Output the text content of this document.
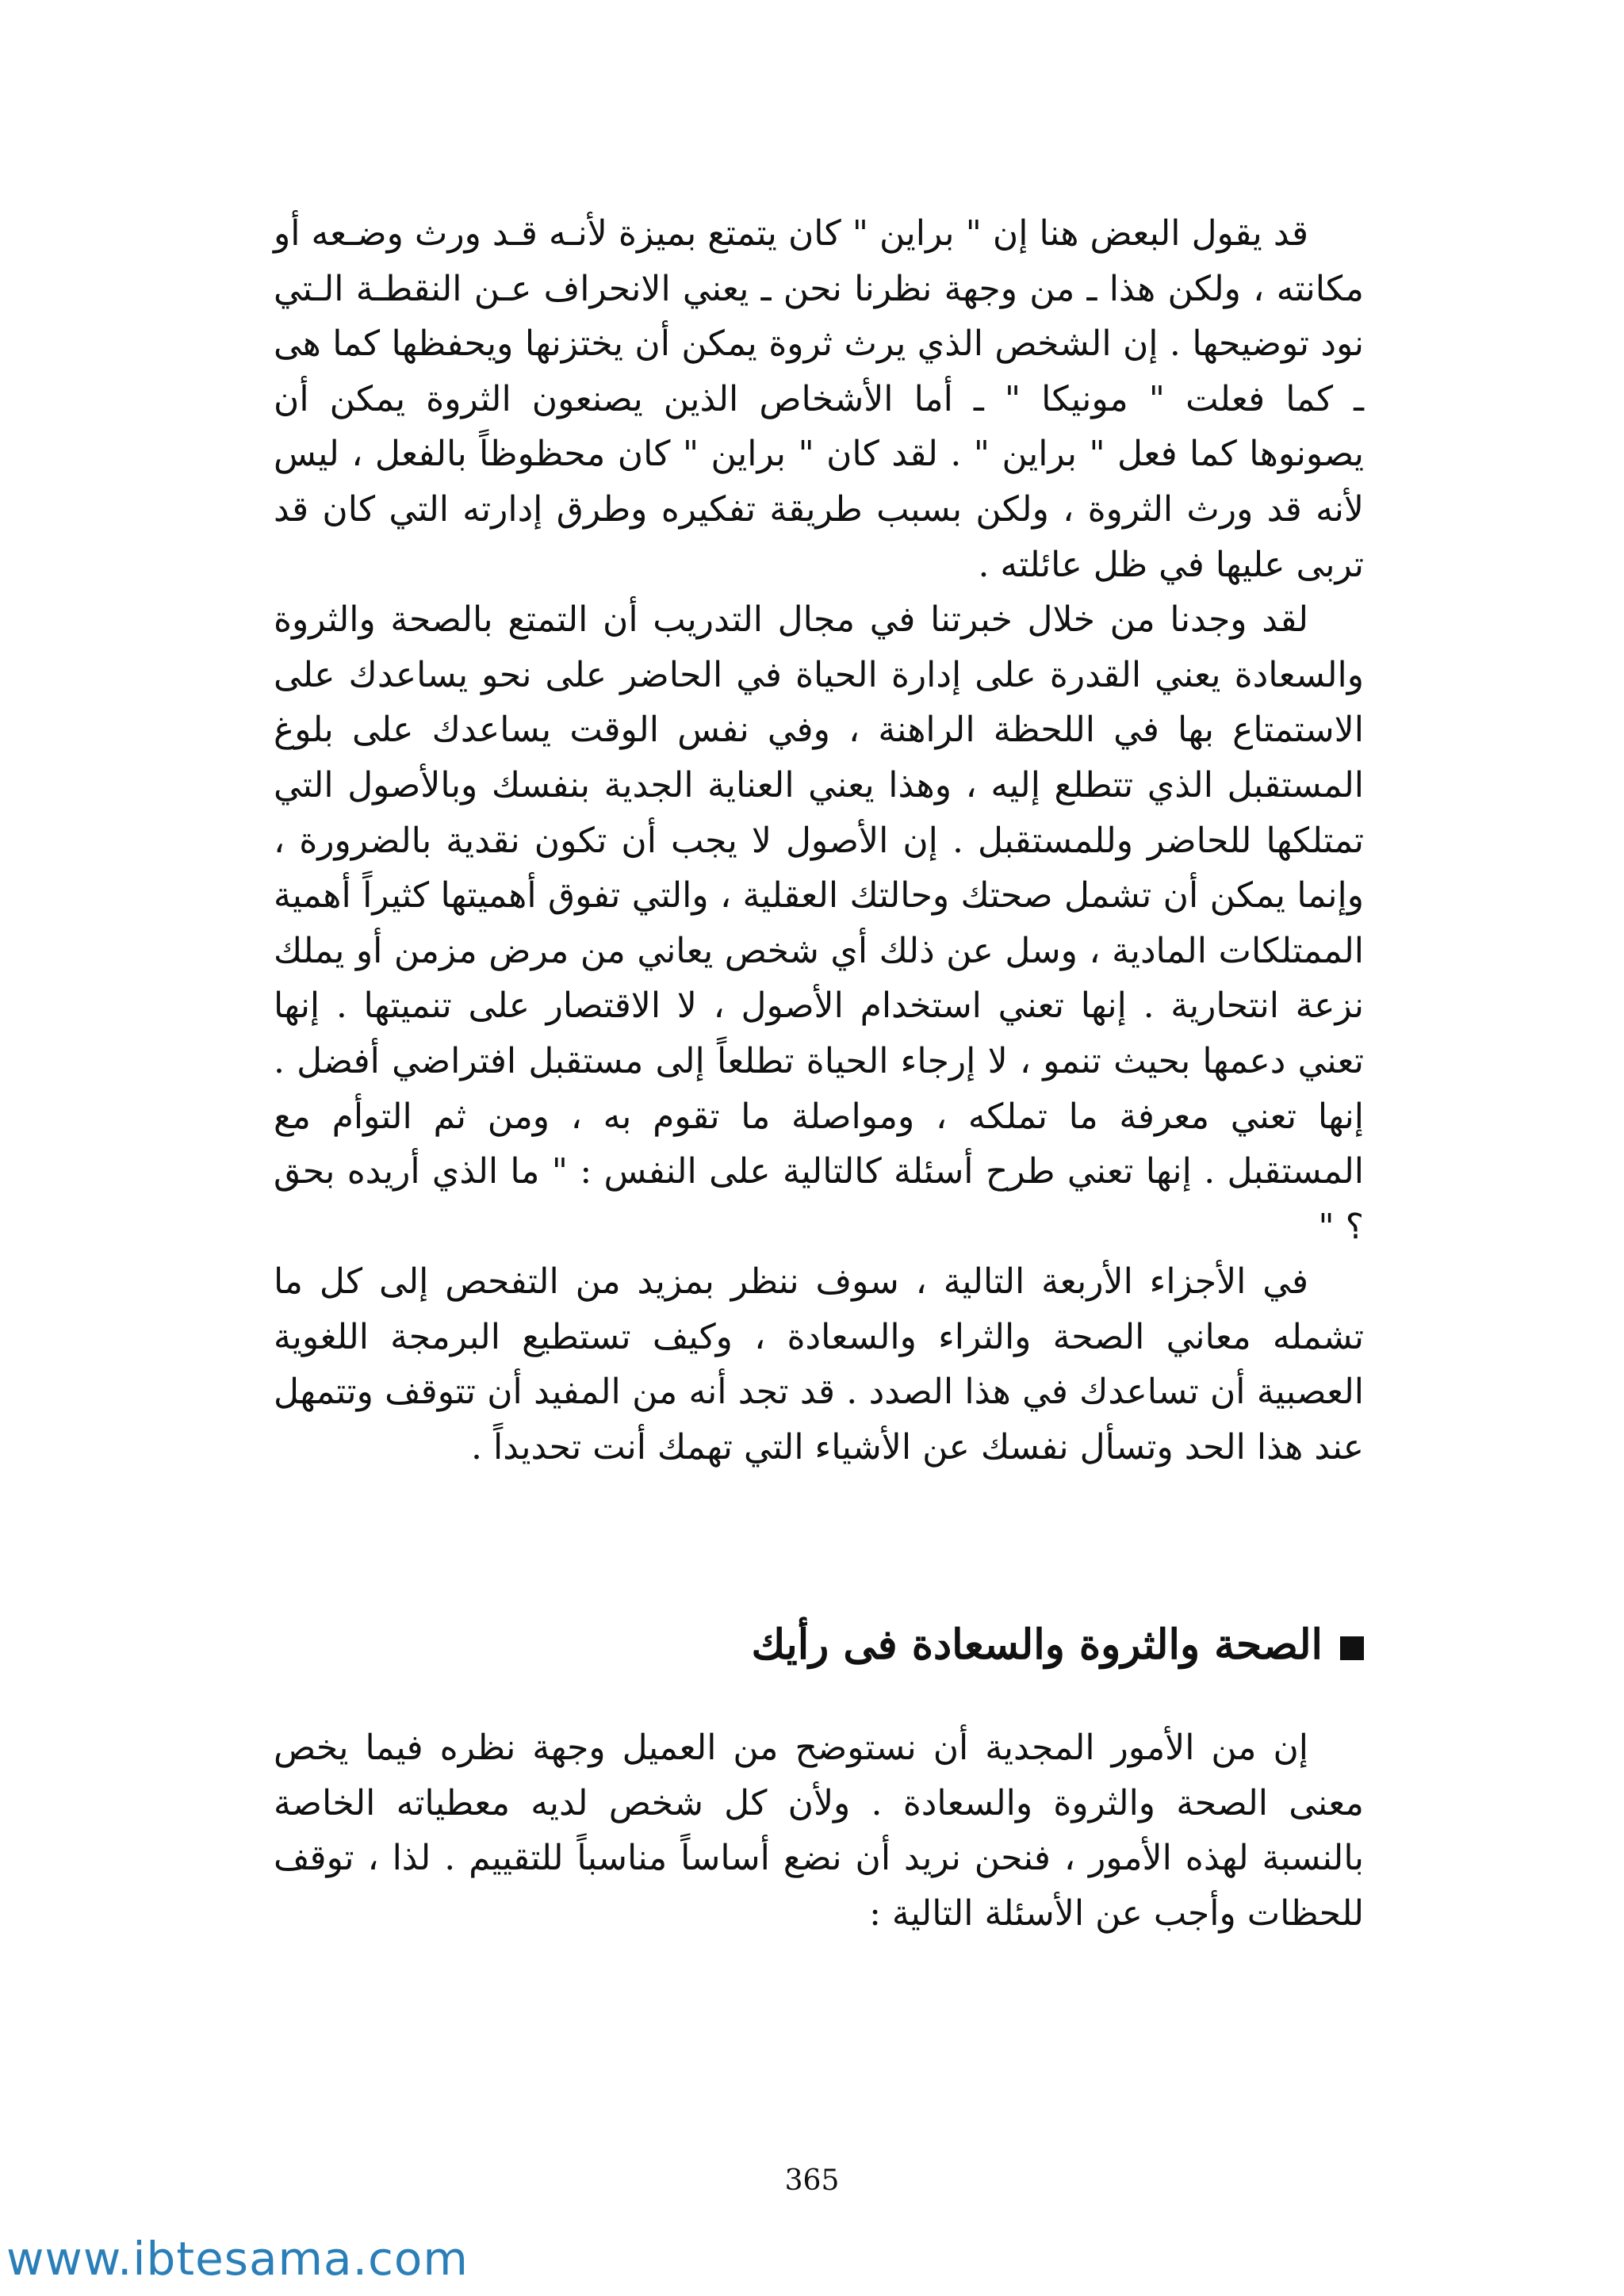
قد يقول البعض هنا إن " براين " كان يتمتع بميزة لأنـه قـد ورث وضـعه أو مكانته ، ولكن هذا ـ من وجهة نظرنا نحن ـ يعني الانحراف عـن النقطـة الـتي نود توضيحها . إن الشخص الذي يرث ثروة يمكن أن يختزنها ويحفظها كما هى ـ كما فعلت " مونيكا " ـ أما الأشخاص الذين يصنعون الثروة يمكن أن يصونوها كما فعل " براين " . لقد كان " براين " كان محظوظاً بالفعل ، ليس لأنه قد ورث الثروة ، ولكن بسبب طريقة تفكيره وطرق إدارته التي كان قد تربى عليها في ظل عائلته .

لقد وجدنا من خلال خبرتنا في مجال التدريب أن التمتع بالصحة والثروة والسعادة يعني القدرة على إدارة الحياة في الحاضر على نحو يساعدك على الاستمتاع بها في اللحظة الراهنة ، وفي نفس الوقت يساعدك على بلوغ المستقبل الذي تتطلع إليه ، وهذا يعني العناية الجدية بنفسك وبالأصول التي تمتلكها للحاضر وللمستقبل . إن الأصول لا يجب أن تكون نقدية بالضرورة ، وإنما يمكن أن تشمل صحتك وحالتك العقلية ، والتي تفوق أهميتها كثيراً أهمية الممتلكات المادية ، وسل عن ذلك أي شخص يعاني من مرض مزمن أو يملك نزعة انتحارية . إنها تعني استخدام الأصول ، لا الاقتصار على تنميتها . إنها تعني دعمها بحيث تنمو ، لا إرجاء الحياة تطلعاً إلى مستقبل افتراضي أفضل . إنها تعني معرفة ما تملكه ، ومواصلة ما تقوم به ، ومن ثم التوأم مع المستقبل . إنها تعني طرح أسئلة كالتالية على النفس : " ما الذي أريده بحق ؟ "

في الأجزاء الأربعة التالية ، سوف ننظر بمزيد من التفحص إلى كل ما تشمله معاني الصحة والثراء والسعادة ، وكيف تستطيع البرمجة اللغوية العصبية أن تساعدك في هذا الصدد . قد تجد أنه من المفيد أن تتوقف وتتمهل عند هذا الحد وتسأل نفسك عن الأشياء التي تهمك أنت تحديداً .

الصحة والثروة والسعادة فى رأيك

إن من الأمور المجدية أن نستوضح من العميل وجهة نظره فيما يخص معنى الصحة والثروة والسعادة . ولأن كل شخص لديه معطياته الخاصة بالنسبة لهذه الأمور ، فنحن نريد أن نضع أساساً مناسباً للتقييم . لذا ، توقف للحظات وأجب عن الأسئلة التالية :

365
www.ibtesama.com
